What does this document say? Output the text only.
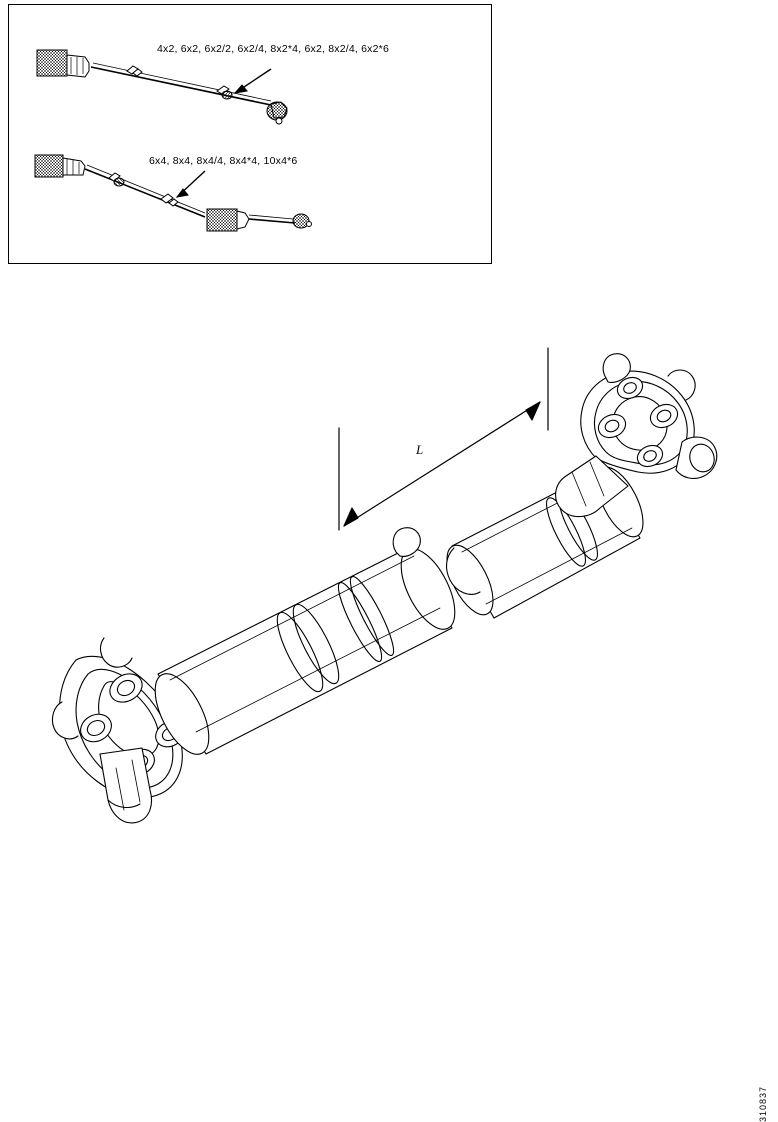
4x2, 6x2, 6x2/2, 6x2/4, 8x2*4, 6x2, 8x2/4, 6x2*6
6x4, 8x4, 8x4/4, 8x4*4, 10x4*6
L
310837
